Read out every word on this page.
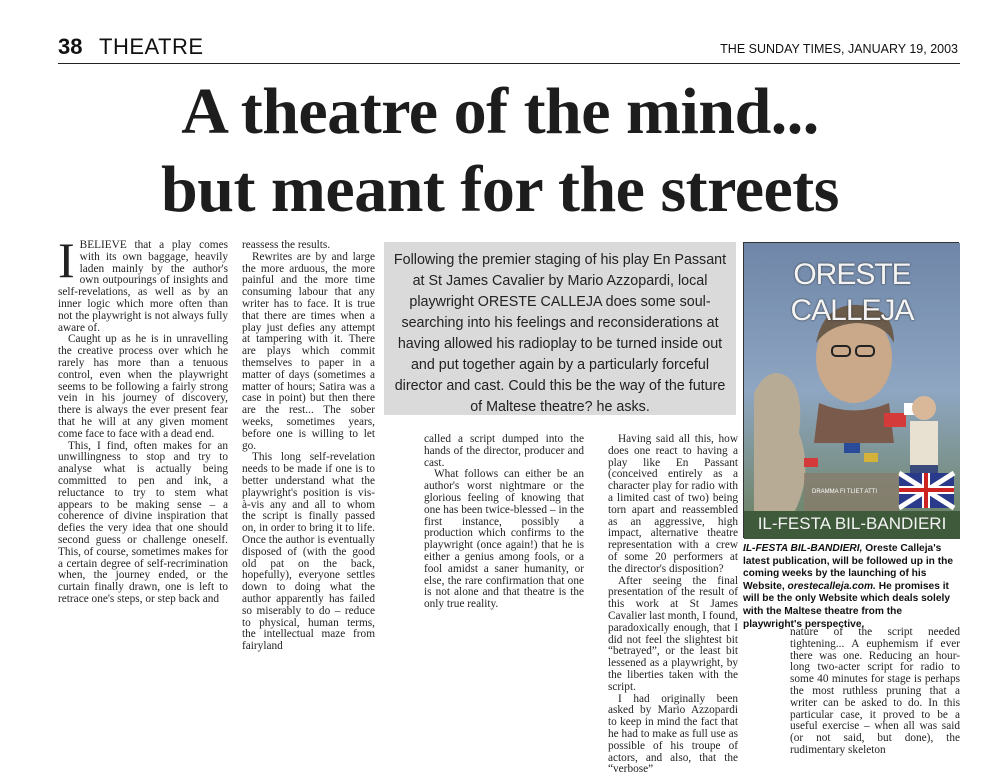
38 THEATRE	THE SUNDAY TIMES, JANUARY 19, 2003
A theatre of the mind...
but meant for the streets

IBELIEVE that a play comes with its own baggage, heavily laden mainly by the author's own outpourings of insights and self-revelations, as well as by an inner logic which more often than not the playwright is not always fully aware of.

Caught up as he is in unravelling the creative process over which he rarely has more than a tenuous control, even when the playwright seems to be following a fairly strong vein in his journey of discovery, there is always the ever present fear that he will at any given moment come face to face with a dead end.

This, I find, often makes for an unwillingness to stop and try to analyse what is actually being committed to pen and ink, a reluctance to try to stem what appears to be making sense – a coherence of divine inspiration that defies the very idea that one should second guess or challenge oneself. This, of course, sometimes makes for a certain degree of self-recrimination when, the journey ended, or the curtain finally drawn, one is left to retrace one's steps, or step back and

reassess the results.

Rewrites are by and large the more arduous, the more painful and the more time consuming labour that any writer has to face. It is true that there are times when a play just defies any attempt at tampering with it. There are plays which commit themselves to paper in a matter of days (sometimes a matter of hours; Satira was a case in point) but then there are the rest... The sober weeks, sometimes years, before one is willing to let go.

This long self-revelation needs to be made if one is to better understand what the playwright's position is vis-à-vis any and all to whom the script is finally passed on, in order to bring it to life. Once the author is eventually disposed of (with the good old pat on the back, hopefully), everyone settles down to doing what the author apparently has failed so miserably to do – reduce to physical, human terms, the intellectual maze from fairyland

Following the premier staging of his play En Passant at St James Cavalier by Mario Azzopardi, local playwright ORESTE CALLEJA does some soul-searching into his feelings and reconsiderations at having allowed his radioplay to be turned inside out and put together again by a particularly forceful director and cast. Could this be the way of the future of Maltese theatre? he asks.

called a script dumped into the hands of the director, producer and cast.

What follows can either be an author's worst nightmare or the glorious feeling of knowing that one has been twice-blessed – in the first instance, possibly a production which confirms to the playwright (once again!) that he is either a genius among fools, or a fool amidst a saner humanity, or else, the rare confirmation that one is not alone and that theatre is the only true reality.

Having said all this, how does one react to having a play like En Passant (conceived entirely as a character play for radio with a limited cast of two) being torn apart and reassembled as an aggressive, high impact, alternative theatre representation with a crew of some 20 performers at the director's disposition?

After seeing the final presentation of the result of this work at St James Cavalier last month, I found, paradoxically enough, that I did not feel the slightest bit “betrayed”, or the least bit lessened as a playwright, by the liberties taken with the script.

I had originally been asked by Mario Azzopardi to keep in mind the fact that he had to make as full use as possible of his troupe of actors, and also, that the “verbose”

nature of the script needed tightening... A euphemism if ever there was one. Reducing an hour-long two-acter script for radio to some 40 minutes for stage is perhaps the most ruthless pruning that a writer can be asked to do. In this particular case, it proved to be a useful exercise – when all was said (or not said, but done), the rudimentary skeleton

DRAMMA FI TLIET ATTI
ORESTE CALLEJA
IL-FESTA BIL-BANDIERI
IL-FESTA BIL-BANDIERI, Oreste Calleja's latest publication, will be followed up in the coming weeks by the launching of his Website, orestecalleja.com. He promises it will be the only Website which deals solely with the Maltese theatre from the playwright's perspective.
